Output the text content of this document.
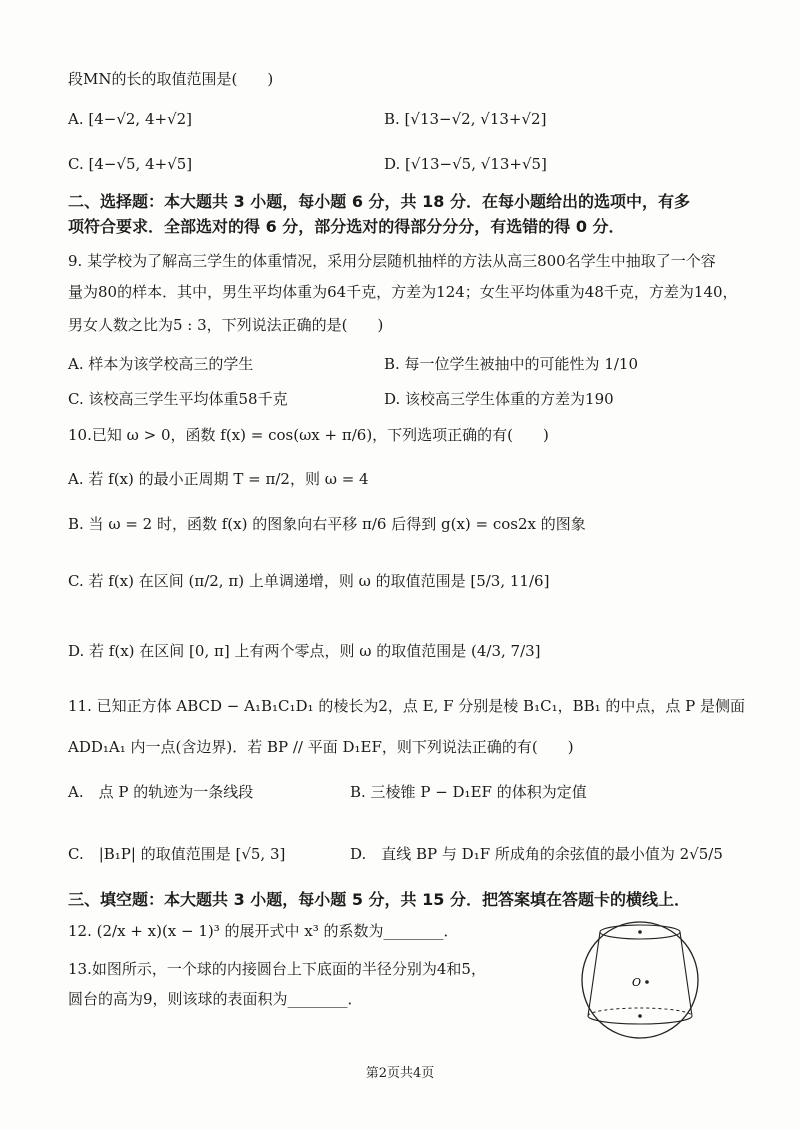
段MN的长的取值范围是(　　)
A. [4−√2, 4+√2]	B. [√13−√2, √13+√2]
C. [4−√5, 4+√5]	D. [√13−√5, √13+√5]
二、选择题：本大题共 3 小题，每小题 6 分，共 18 分．在每小题给出的选项中，有多
项符合要求．全部选对的得 6 分，部分选对的得部分分分，有选错的得 0 分．
9. 某学校为了解高三学生的体重情况，采用分层随机抽样的方法从高三800名学生中抽取了一个容
量为80的样本．其中，男生平均体重为64千克，方差为124；女生平均体重为48千克，方差为140，
男女人数之比为5 : 3，下列说法正确的是(　　)
A. 样本为该学校高三的学生	B. 每一位学生被抽中的可能性为 1/10
C. 该校高三学生平均体重58千克	D. 该校高三学生体重的方差为190
10.已知 ω > 0，函数 f(x) = cos(ωx + π/6)，下列选项正确的有(　　)
A. 若 f(x) 的最小正周期 T = π/2，则 ω = 4
B. 当 ω = 2 时，函数 f(x) 的图象向右平移 π/6 后得到 g(x) = cos2x 的图象
C. 若 f(x) 在区间 (π/2, π) 上单调递增，则 ω 的取值范围是 [5/3, 11/6]
D. 若 f(x) 在区间 [0, π] 上有两个零点，则 ω 的取值范围是 (4/3, 7/3]
11. 已知正方体 ABCD − A₁B₁C₁D₁ 的棱长为2，点 E, F 分别是棱 B₁C₁，BB₁ 的中点，点 P 是侧面
ADD₁A₁ 内一点(含边界)．若 BP // 平面 D₁EF，则下列说法正确的有(　　)
A.　点 P 的轨迹为一条线段	B. 三棱锥 P − D₁EF 的体积为定值
C.　|B₁P| 的取值范围是 [√5, 3]	D.　直线 BP 与 D₁F 所成角的余弦值的最小值为 2√5/5
三、填空题：本大题共 3 小题，每小题 5 分，共 15 分．把答案填在答题卡的横线上．
12. (2/x + x)(x − 1)³ 的展开式中 x³ 的系数为________．
13.如图所示，一个球的内接圆台上下底面的半径分别为4和5，
圆台的高为9，则该球的表面积为________．
O
第2页共4页
